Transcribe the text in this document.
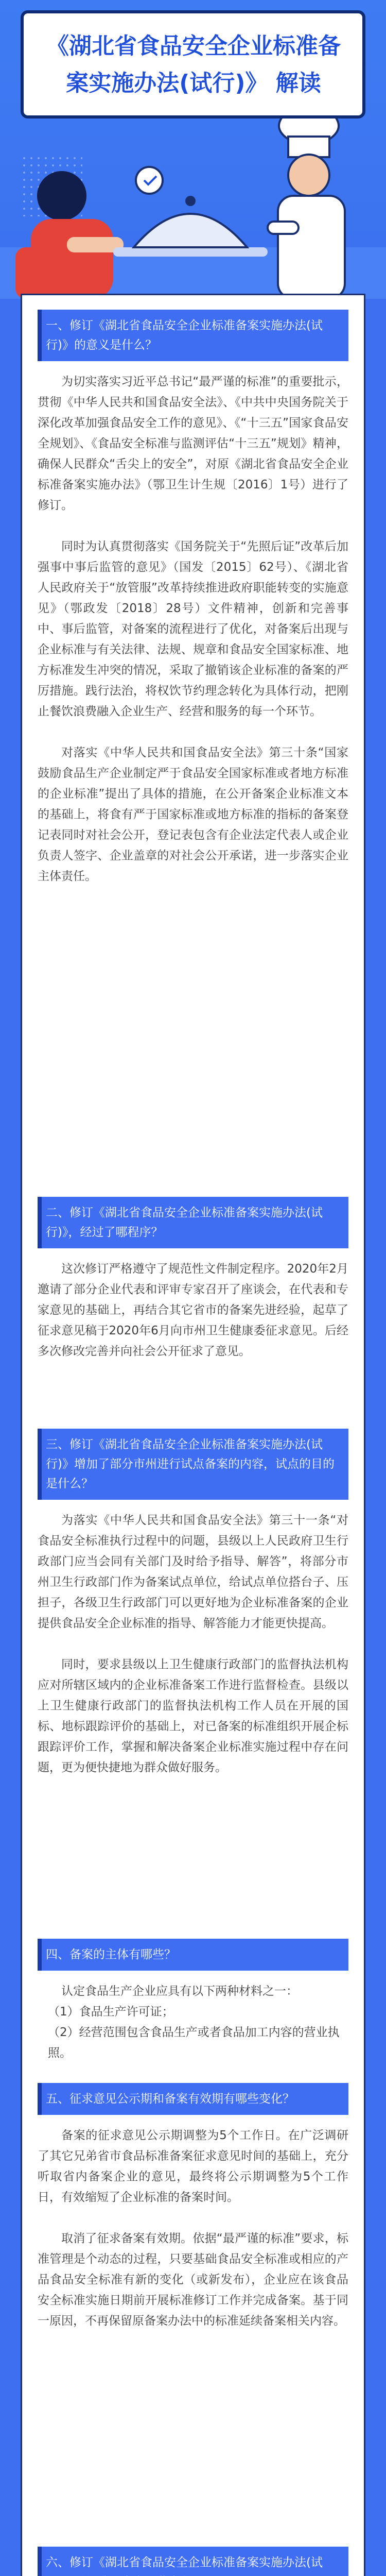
《湖北省食品安全企业标准备
案实施办法(试行)》 解读
一、修订《湖北省食品安全企业标准备案实施办法(试行)》的意义是什么？

为切实落实习近平总书记“最严谨的标准”的重要批示，贯彻《中华人民共和国食品安全法》、《中共中央国务院关于深化改革加强食品安全工作的意见》、《“十三五”国家食品安全规划》、《食品安全标准与监测评估“十三五”规划》精神，确保人民群众“舌尖上的安全”，对原《湖北省食品安全企业标准备案实施办法》（鄂卫生计生规〔2016〕1号）进行了修订。

同时为认真贯彻落实《国务院关于“先照后证”改革后加强事中事后监管的意见》（国发〔2015〕62号）、《湖北省人民政府关于“放管服”改革持续推进政府职能转变的实施意见》（鄂政发〔2018〕28号）文件精神，创新和完善事中、事后监管，对备案的流程进行了优化，对备案后出现与企业标准与有关法律、法规、规章和食品安全国家标准、地方标准发生冲突的情况，采取了撤销该企业标准的备案的严厉措施。践行法治，将权饮节约理念转化为具体行动，把刚止餐饮浪费融入企业生产、经营和服务的每一个环节。

对落实《中华人民共和国食品安全法》第三十条“国家鼓励食品生产企业制定严于食品安全国家标准或者地方标准的企业标准”提出了具体的措施，在公开备案企业标准文本的基础上，将食有严于国家标准或地方标准的指标的备案登记表同时对社会公开，登记表包含有企业法定代表人或企业负责人签字、企业盖章的对社会公开承诺，进一步落实企业主体责任。

二、修订《湖北省食品安全企业标准备案实施办法(试行)》，经过了哪程序？

这次修订严格遵守了规范性文件制定程序。2020年2月邀请了部分企业代表和评审专家召开了座谈会，在代表和专家意见的基础上，再结合其它省市的备案先进经验，起草了征求意见稿于2020年6月向市州卫生健康委征求意见。后经多次修改完善并向社会公开征求了意见。

三、修订《湖北省食品安全企业标准备案实施办法(试行)》增加了部分市州进行试点备案的内容，试点的目的是什么？

为落实《中华人民共和国食品安全法》第三十一条“对食品安全标准执行过程中的问题，县级以上人民政府卫生行政部门应当会同有关部门及时给予指导、解答”，将部分市州卫生行政部门作为备案试点单位，给试点单位搭台子、压担子，各级卫生行政部门可以更好地为企业标准备案的企业提供食品安全企业标准的指导、解答能力才能更快提高。

同时，要求县级以上卫生健康行政部门的监督执法机构应对所辖区域内的企业标准备案工作进行监督检查。县级以上卫生健康行政部门的监督执法机构工作人员在开展的国标、地标跟踪评价的基础上，对已备案的标准组织开展企标跟踪评价工作，掌握和解决备案企业标准实施过程中存在问题，更为便快捷地为群众做好服务。

四、备案的主体有哪些？

认定食品生产企业应具有以下两种材料之一：

（1）食品生产许可证；

（2）经营范围包含食品生产或者食品加工内容的营业执照。

五、征求意见公示期和备案有效期有哪些变化？

备案的征求意见公示期调整为5个工作日。在广泛调研了其它兄弟省市食品标准备案征求意见时间的基础上，充分听取省内备案企业的意见，最终将公示期调整为5个工作日，有效缩短了企业标准的备案时间。

取消了征求备案有效期。依据“最严谨的标准”要求，标准管理是个动态的过程，只要基础食品安全标准或相应的产品食品安全标准有新的变化（或新发布），企业应在该食品安全标准实施日期前开展标准修订工作并完成备案。基于同一原因，不再保留原备案办法中的标准延续备案相关内容。

六、修订《湖北省食品安全企业标准备案实施办法(试
